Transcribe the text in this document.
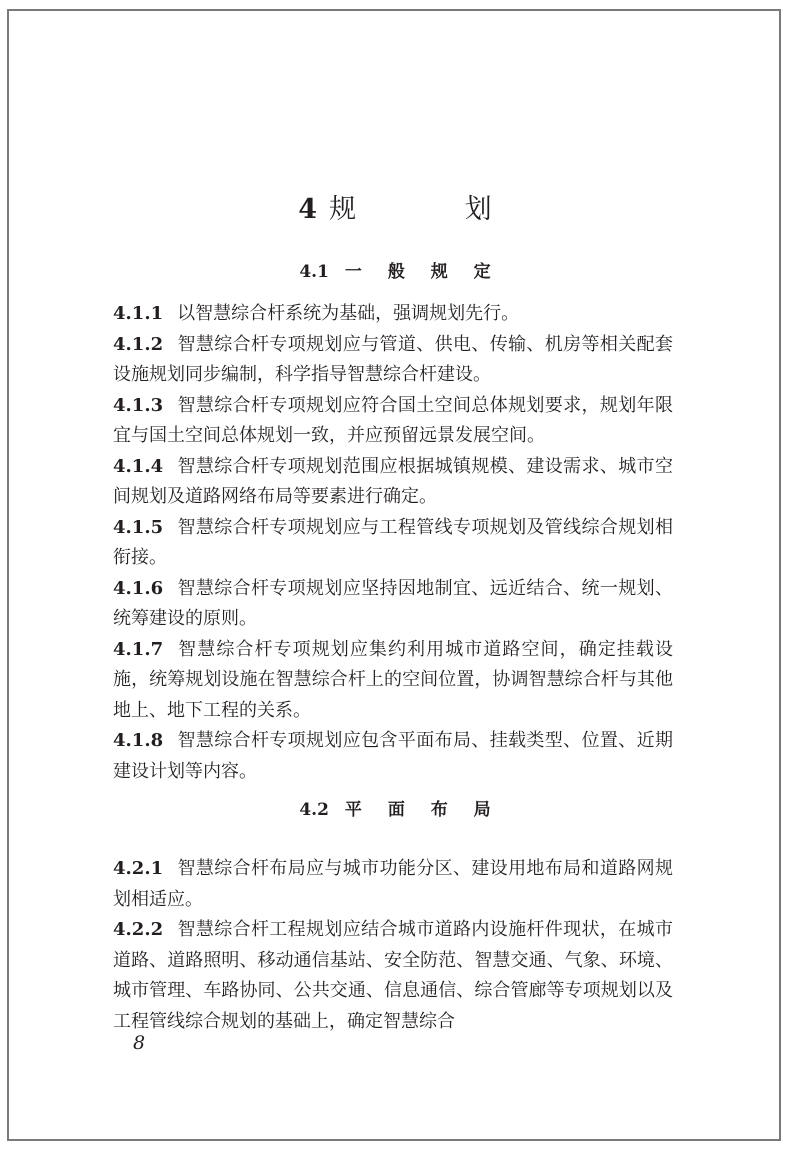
4 规 划
4.1 一 般 规 定

4.1.1 以智慧综合杆系统为基础，强调规划先行。

4.1.2 智慧综合杆专项规划应与管道、供电、传输、机房等相关配套设施规划同步编制，科学指导智慧综合杆建设。

4.1.3 智慧综合杆专项规划应符合国土空间总体规划要求，规划年限宜与国土空间总体规划一致，并应预留远景发展空间。

4.1.4 智慧综合杆专项规划范围应根据城镇规模、建设需求、城市空间规划及道路网络布局等要素进行确定。

4.1.5 智慧综合杆专项规划应与工程管线专项规划及管线综合规划相衔接。

4.1.6 智慧综合杆专项规划应坚持因地制宜、远近结合、统一规划、统筹建设的原则。

4.1.7 智慧综合杆专项规划应集约利用城市道路空间，确定挂载设施，统筹规划设施在智慧综合杆上的空间位置，协调智慧综合杆与其他地上、地下工程的关系。

4.1.8 智慧综合杆专项规划应包含平面布局、挂载类型、位置、近期建设计划等内容。

4.2.1 智慧综合杆布局应与城市功能分区、建设用地布局和道路网规划相适应。

4.2.2 智慧综合杆工程规划应结合城市道路内设施杆件现状，在城市道路、道路照明、移动通信基站、安全防范、智慧交通、气象、环境、城市管理、车路协同、公共交通、信息通信、综合管廊等专项规划以及工程管线综合规划的基础上，确定智慧综合

4.2 平 面 布 局
8
